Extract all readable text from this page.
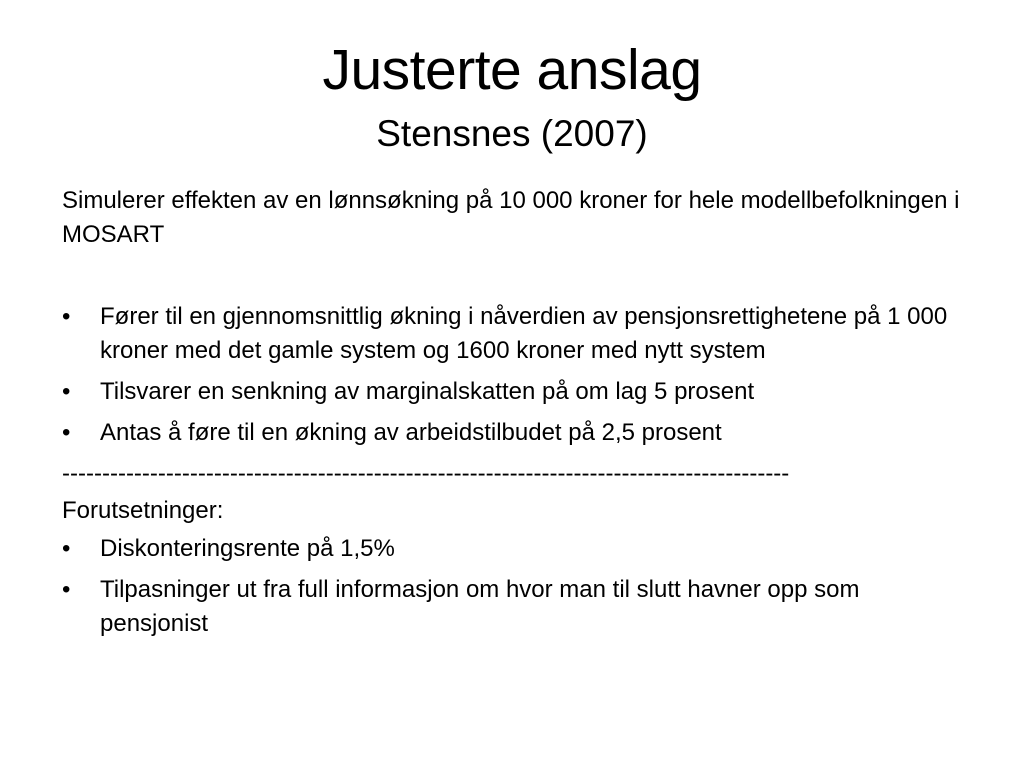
Justerte anslag
Stensnes (2007)

Simulerer effekten av en lønnsøkning på 10 000 kroner for hele modellbefolkningen i MOSART

•	Fører til en gjennomsnittlig økning i nåverdien av pensjonsrettighetene på 1 000 kroner med det gamle system og 1600 kroner med nytt system
•	Tilsvarer en senkning av marginalskatten på om lag 5 prosent
•	Antas å føre til en økning av arbeidstilbudet på 2,5 prosent

-------------------------------------------------------------------------------------------

Forutsetninger:

•	Diskonteringsrente på 1,5%
•	Tilpasninger ut fra full informasjon om hvor man til slutt havner opp som pensjonist
